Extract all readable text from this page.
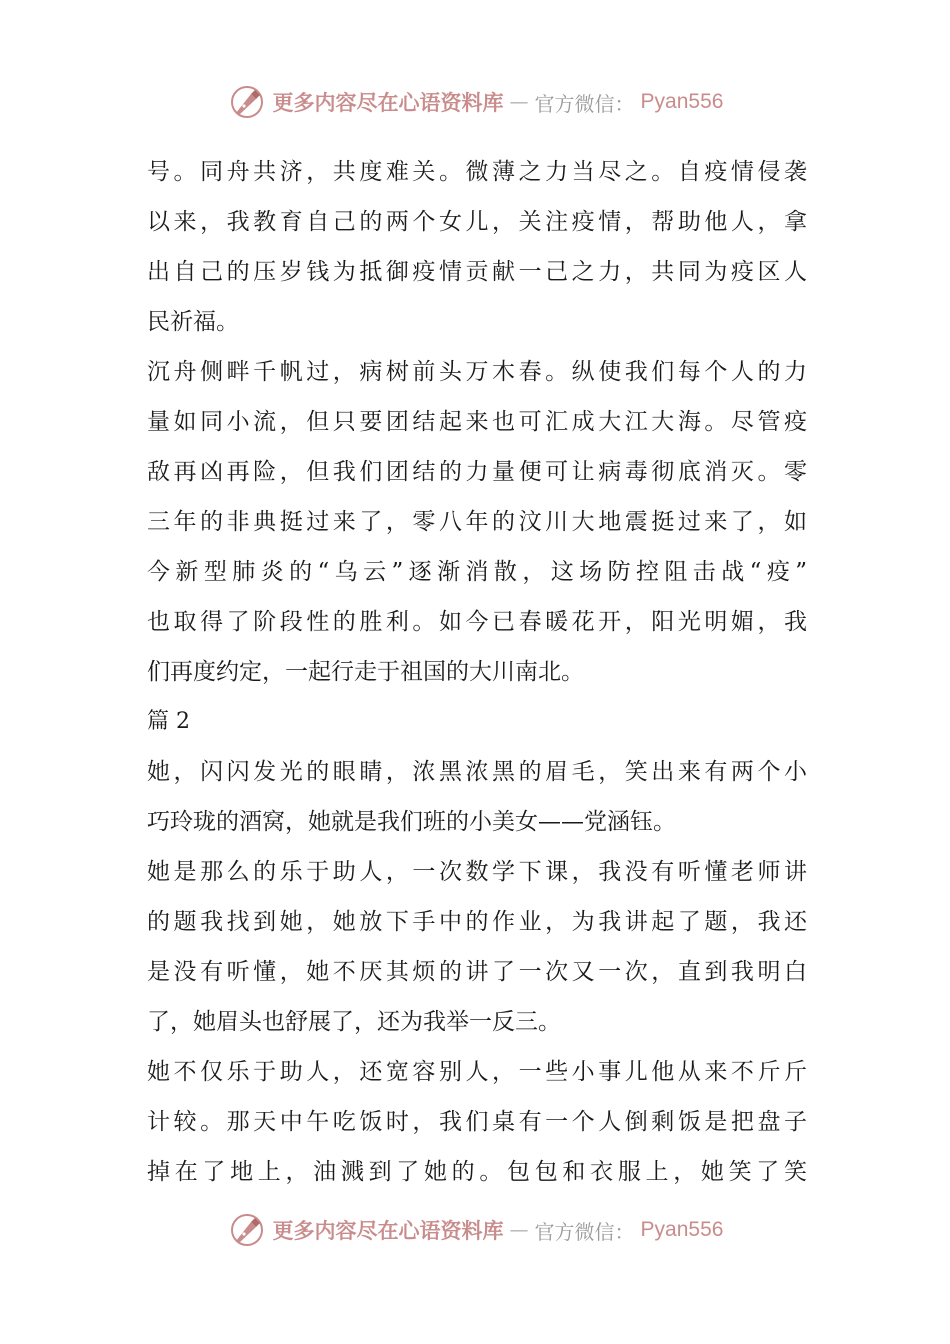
更多内容尽在心语资料库 — 官方微信： Pyan556
号。同舟共济，共度难关。微薄之力当尽之。自疫情侵袭
以来，我教育自己的两个女儿，关注疫情，帮助他人，拿
出自己的压岁钱为抵御疫情贡献一己之力，共同为疫区人
民祈福。
沉舟侧畔千帆过，病树前头万木春。纵使我们每个人的力
量如同小流，但只要团结起来也可汇成大江大海。尽管疫
敌再凶再险，但我们团结的力量便可让病毒彻底消灭。零
三年的非典挺过来了，零八年的汶川大地震挺过来了，如
今新型肺炎的“乌云”逐渐消散，这场防控阻击战“疫”
也取得了阶段性的胜利。如今已春暖花开，阳光明媚，我
们再度约定，一起行走于祖国的大川南北。
篇 2
她，闪闪发光的眼睛，浓黑浓黑的眉毛，笑出来有两个小
巧玲珑的酒窝，她就是我们班的小美女——党涵钰。
她是那么的乐于助人，一次数学下课，我没有听懂老师讲
的题我找到她，她放下手中的作业，为我讲起了题，我还
是没有听懂，她不厌其烦的讲了一次又一次，直到我明白
了，她眉头也舒展了，还为我举一反三。
她不仅乐于助人，还宽容别人，一些小事儿他从来不斤斤
计较。那天中午吃饭时，我们桌有一个人倒剩饭是把盘子
掉在了地上，油溅到了她的。包包和衣服上，她笑了笑
更多内容尽在心语资料库 — 官方微信： Pyan556
